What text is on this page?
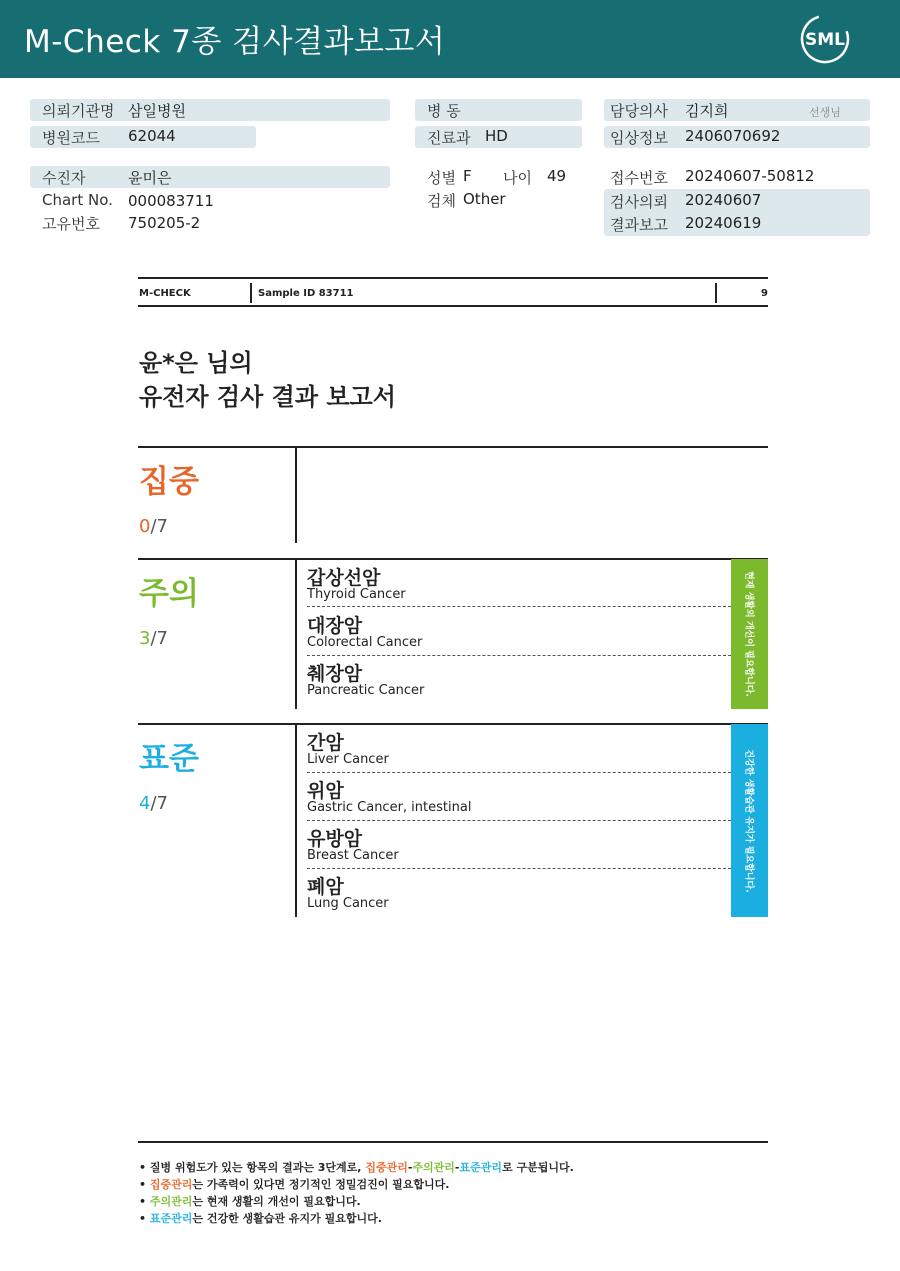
M-Check 7종 검사결과보고서	SML
의뢰기관명 삼일병원
병원코드 62044
병 동
진료과 HD
담당의사 김지희	선생님
임상정보 2406070692
수진자	윤미은
Chart No. 000083711
고유번호 750205-2
성별 F 나이 49
검체 Other
접수번호 20240607-50812
검사의뢰 20240607
결과보고 20240619
M-CHECK	Sample ID 83711	9
윤*은 님의
유전자 검사 결과 보고서
집중
0/7
주의
3/7
갑상선암
Thyroid Cancer
대장암
Colorectal Cancer
췌장암
Pancreatic Cancer	현재 생활의 개선이 필요합니다.
표준
4/7
간암
Liver Cancer
위암
Gastric Cancer, intestinal
유방암
Breast Cancer
폐암
Lung Cancer
건강한 생활습관 유지가 필요합니다.
• 질병 위험도가 있는 항목의 결과는 3단계로, 집중관리-주의관리-표준관리로 구분됩니다.
• 집중관리는 가족력이 있다면 정기적인 정밀검진이 필요합니다.
• 주의관리는 현재 생활의 개선이 필요합니다.
• 표준관리는 건강한 생활습관 유지가 필요합니다.
